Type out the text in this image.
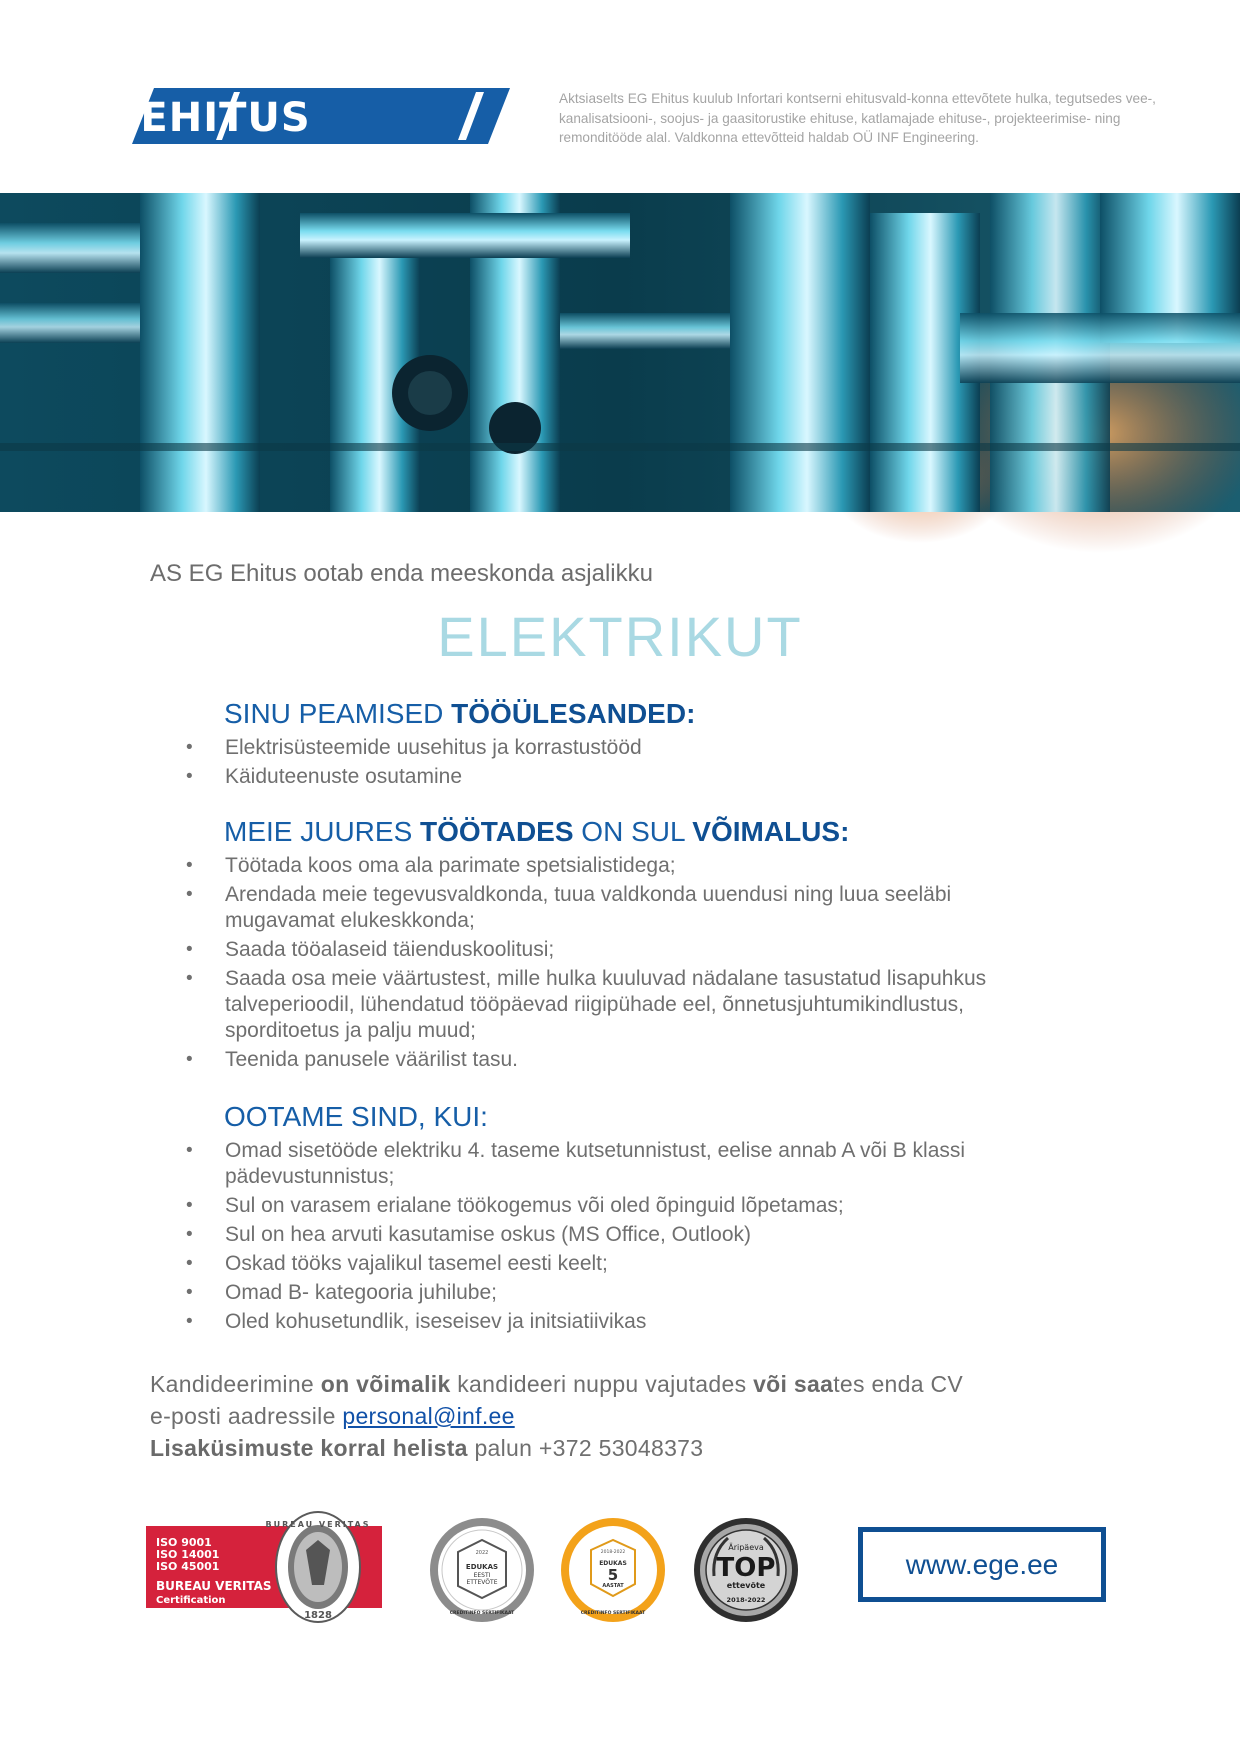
EG EHITUS	Aktsiaselts EG Ehitus kuulub Infortari kontserni ehitusvald-konna ettevõtete hulka, tegutsedes vee-, kanalisatsiooni-, soojus- ja gaasitorustike ehituse, katlamajade ehituse-, projekteerimise- ning remonditööde alal. Valdkonna ettevõtteid haldab OÜ INF Engineering.
AS EG Ehitus ootab enda meeskonda asjalikku
ELEKTRIKUT
SINU PEAMISED TÖÖÜLESANDED:
• Elektrisüsteemide uusehitus ja korrastustööd
• Käiduteenuste osutamine
MEIE JUURES TÖÖTADES ON SUL VÕIMALUS:
• Töötada koos oma ala parimate spetsialistidega;
• Arendada meie tegevusvaldkonda, tuua valdkonda uuendusi ning luua seeläbi mugavamat elukeskkonda;
• Saada tööalaseid täienduskoolitusi;
• Saada osa meie väärtustest, mille hulka kuuluvad nädalane tasustatud lisapuhkus talveperioodil, lühendatud tööpäevad riigipühade eel, õnnetusjuhtumikindlustus, sporditoetus ja palju muud;
• Teenida panusele väärilist tasu.
OOTAME SIND, KUI:
• Omad sisetööde elektriku 4. taseme kutsetunnistust, eelise annab A või B klassi pädevustunnistus;
• Sul on varasem erialane töökogemus või oled õpinguid lõpetamas;
• Sul on hea arvuti kasutamise oskus (MS Office, Outlook)
• Oskad tööks vajalikul tasemel eesti keelt;
• Omad B- kategooria juhilube;
• Oled kohusetundlik, iseseisev ja initsiatiivikas
Kandideerimine on võimalik kandideeri nuppu vajutades või saates enda CV
e-posti aadressile personal@inf.ee
Lisaküsimuste korral helista palun +372 53048373
ISO 9001
ISO 14001
ISO 45001
BUREAU VERITAS
Certification
BUREAU VERITAS
1828
2022
EDUKAS
EESTI
ETTEVÕTE
CREDITINFO SERTIFIKAAT
2018-2022
EDUKAS
5
AASTAT
CREDITINFO SERTIFIKAAT
Äripäeva
TOP
ettevõte
2018-2022
www.ege.ee
